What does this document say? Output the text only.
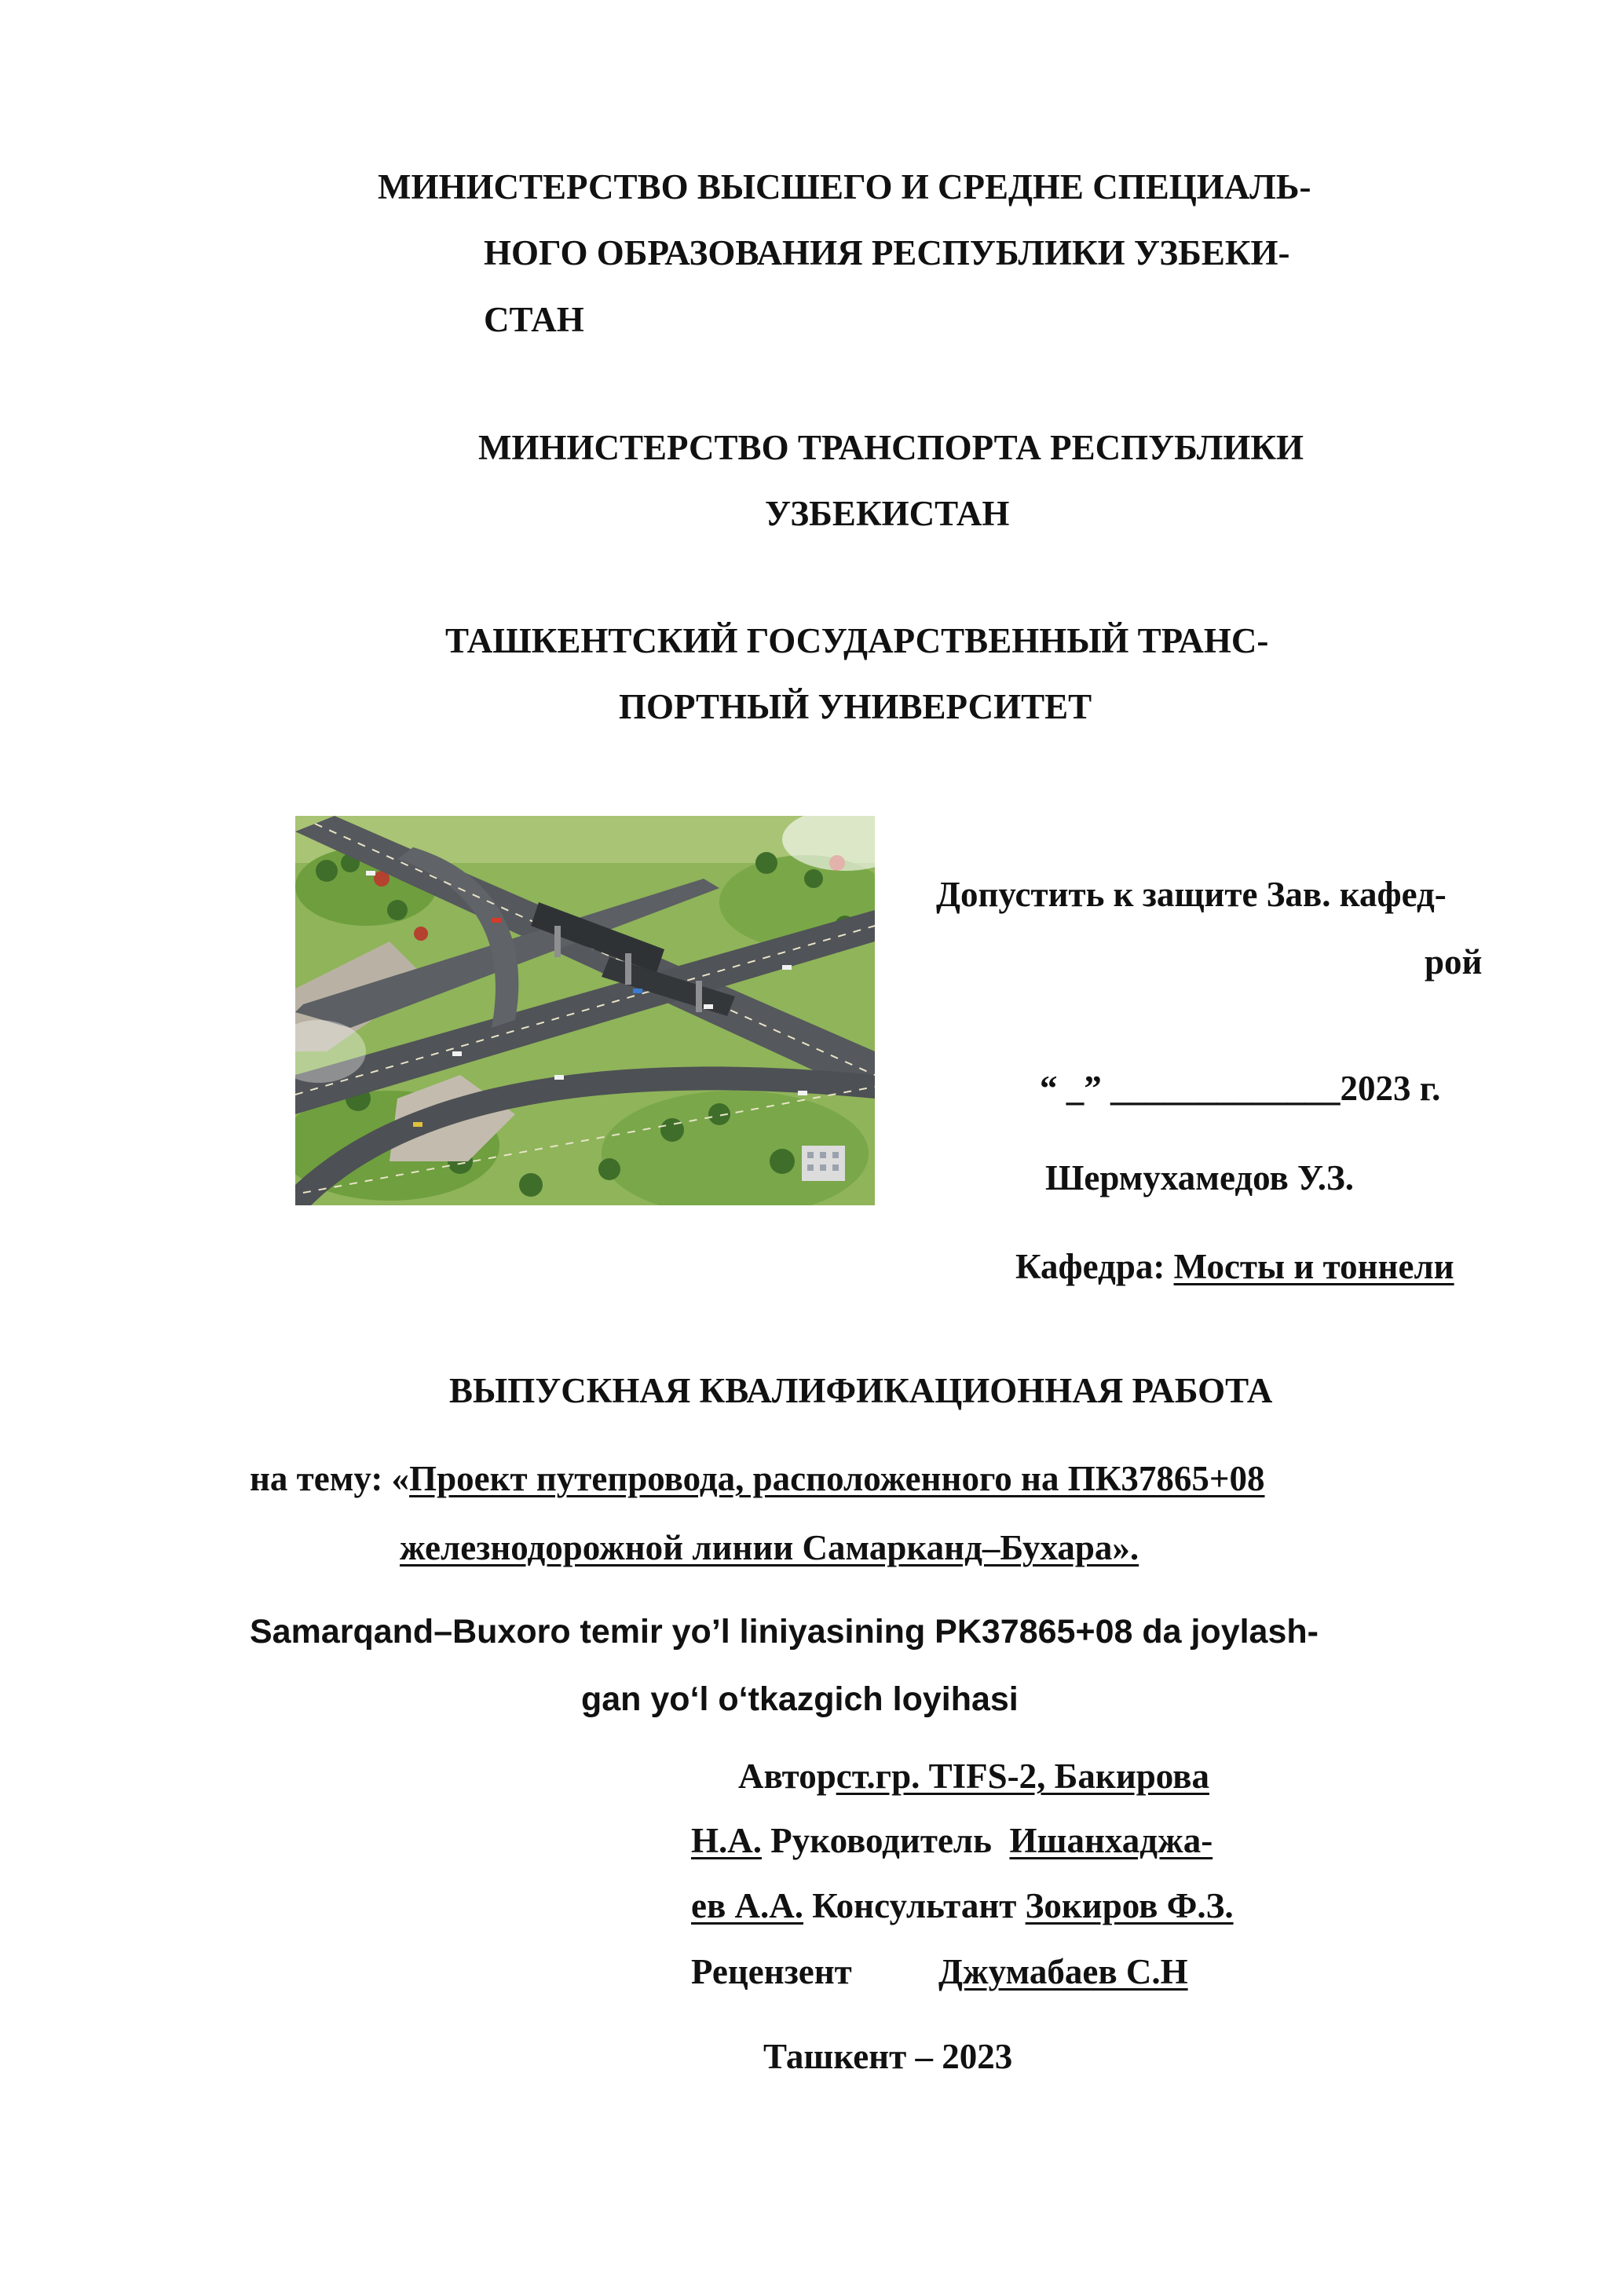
МИНИСТЕРСТВО ВЫСШЕГО И СРЕДНЕ СПЕЦИАЛЬ-
НОГО ОБРАЗОВАНИЯ РЕСПУБЛИКИ УЗБЕКИ-
СТАН
МИНИСТЕРСТВО ТРАНСПОРТА РЕСПУБЛИКИ
УЗБЕКИСТАН
ТАШКЕНТСКИЙ ГОСУДАРСТВЕННЫЙ ТРАНС-
ПОРТНЫЙ УНИВЕРСИТЕТ
Допустить к защите Зав. кафед-
рой
“ _” _____________2023 г.
Шермухамедов У.З.
Кафедра: Мосты и тоннели
ВЫПУСКНАЯ КВАЛИФИКАЦИОННАЯ РАБОТА
на тему: «Проект путепровода, расположенного на ПК37865+08
железнодорожной линии Самарканд–Бухара».
Samarqand–Buxoro temir yo’l liniyasining PK37865+08 da joylash-
gan yo‘l o‘tkazgich loyihasi
Авторст.гр. TIFS-2, Бакирова
Н.А. Руководитель  Ишанхаджа-
ев А.А. Консультант Зокиров Ф.З.
Рецензент Джумабаев С.Н
Ташкент – 2023
